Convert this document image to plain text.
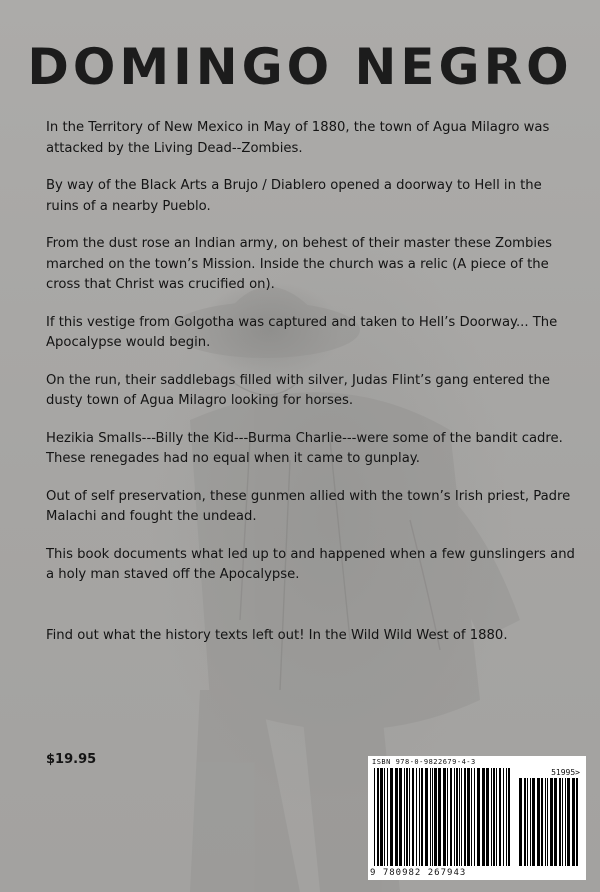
DOMINGO NEGRO

In the Territory of New Mexico in May of 1880, the town of Agua Milagro was attacked by the Living Dead--Zombies.

By way of the Black Arts a Brujo / Diablero opened a doorway to Hell in the ruins of a nearby Pueblo.

From the dust rose an Indian army, on behest of their master these Zombies marched on the town’s Mission. Inside the church was a relic (A piece of the cross that Christ was crucified on).

If this vestige from Golgotha was captured and taken to Hell’s Doorway... The Apocalypse would begin.

On the run, their saddlebags filled with silver, Judas Flint’s gang entered the dusty town of Agua Milagro looking for horses.

Hezikia Smalls---Billy the Kid---Burma Charlie---were some of the bandit cadre. These renegades had no equal when it came to gunplay.

Out of self preservation, these gunmen allied with the town’s Irish priest, Padre Malachi and fought the undead.

This book documents what led up to and happened when a few gunslingers and a holy man staved off the Apocalypse.

Find out what the history texts left out! In the Wild Wild West of 1880.

$19.95	ISBN 978-0-9822679-4-3
51995>
9 780982 267943
